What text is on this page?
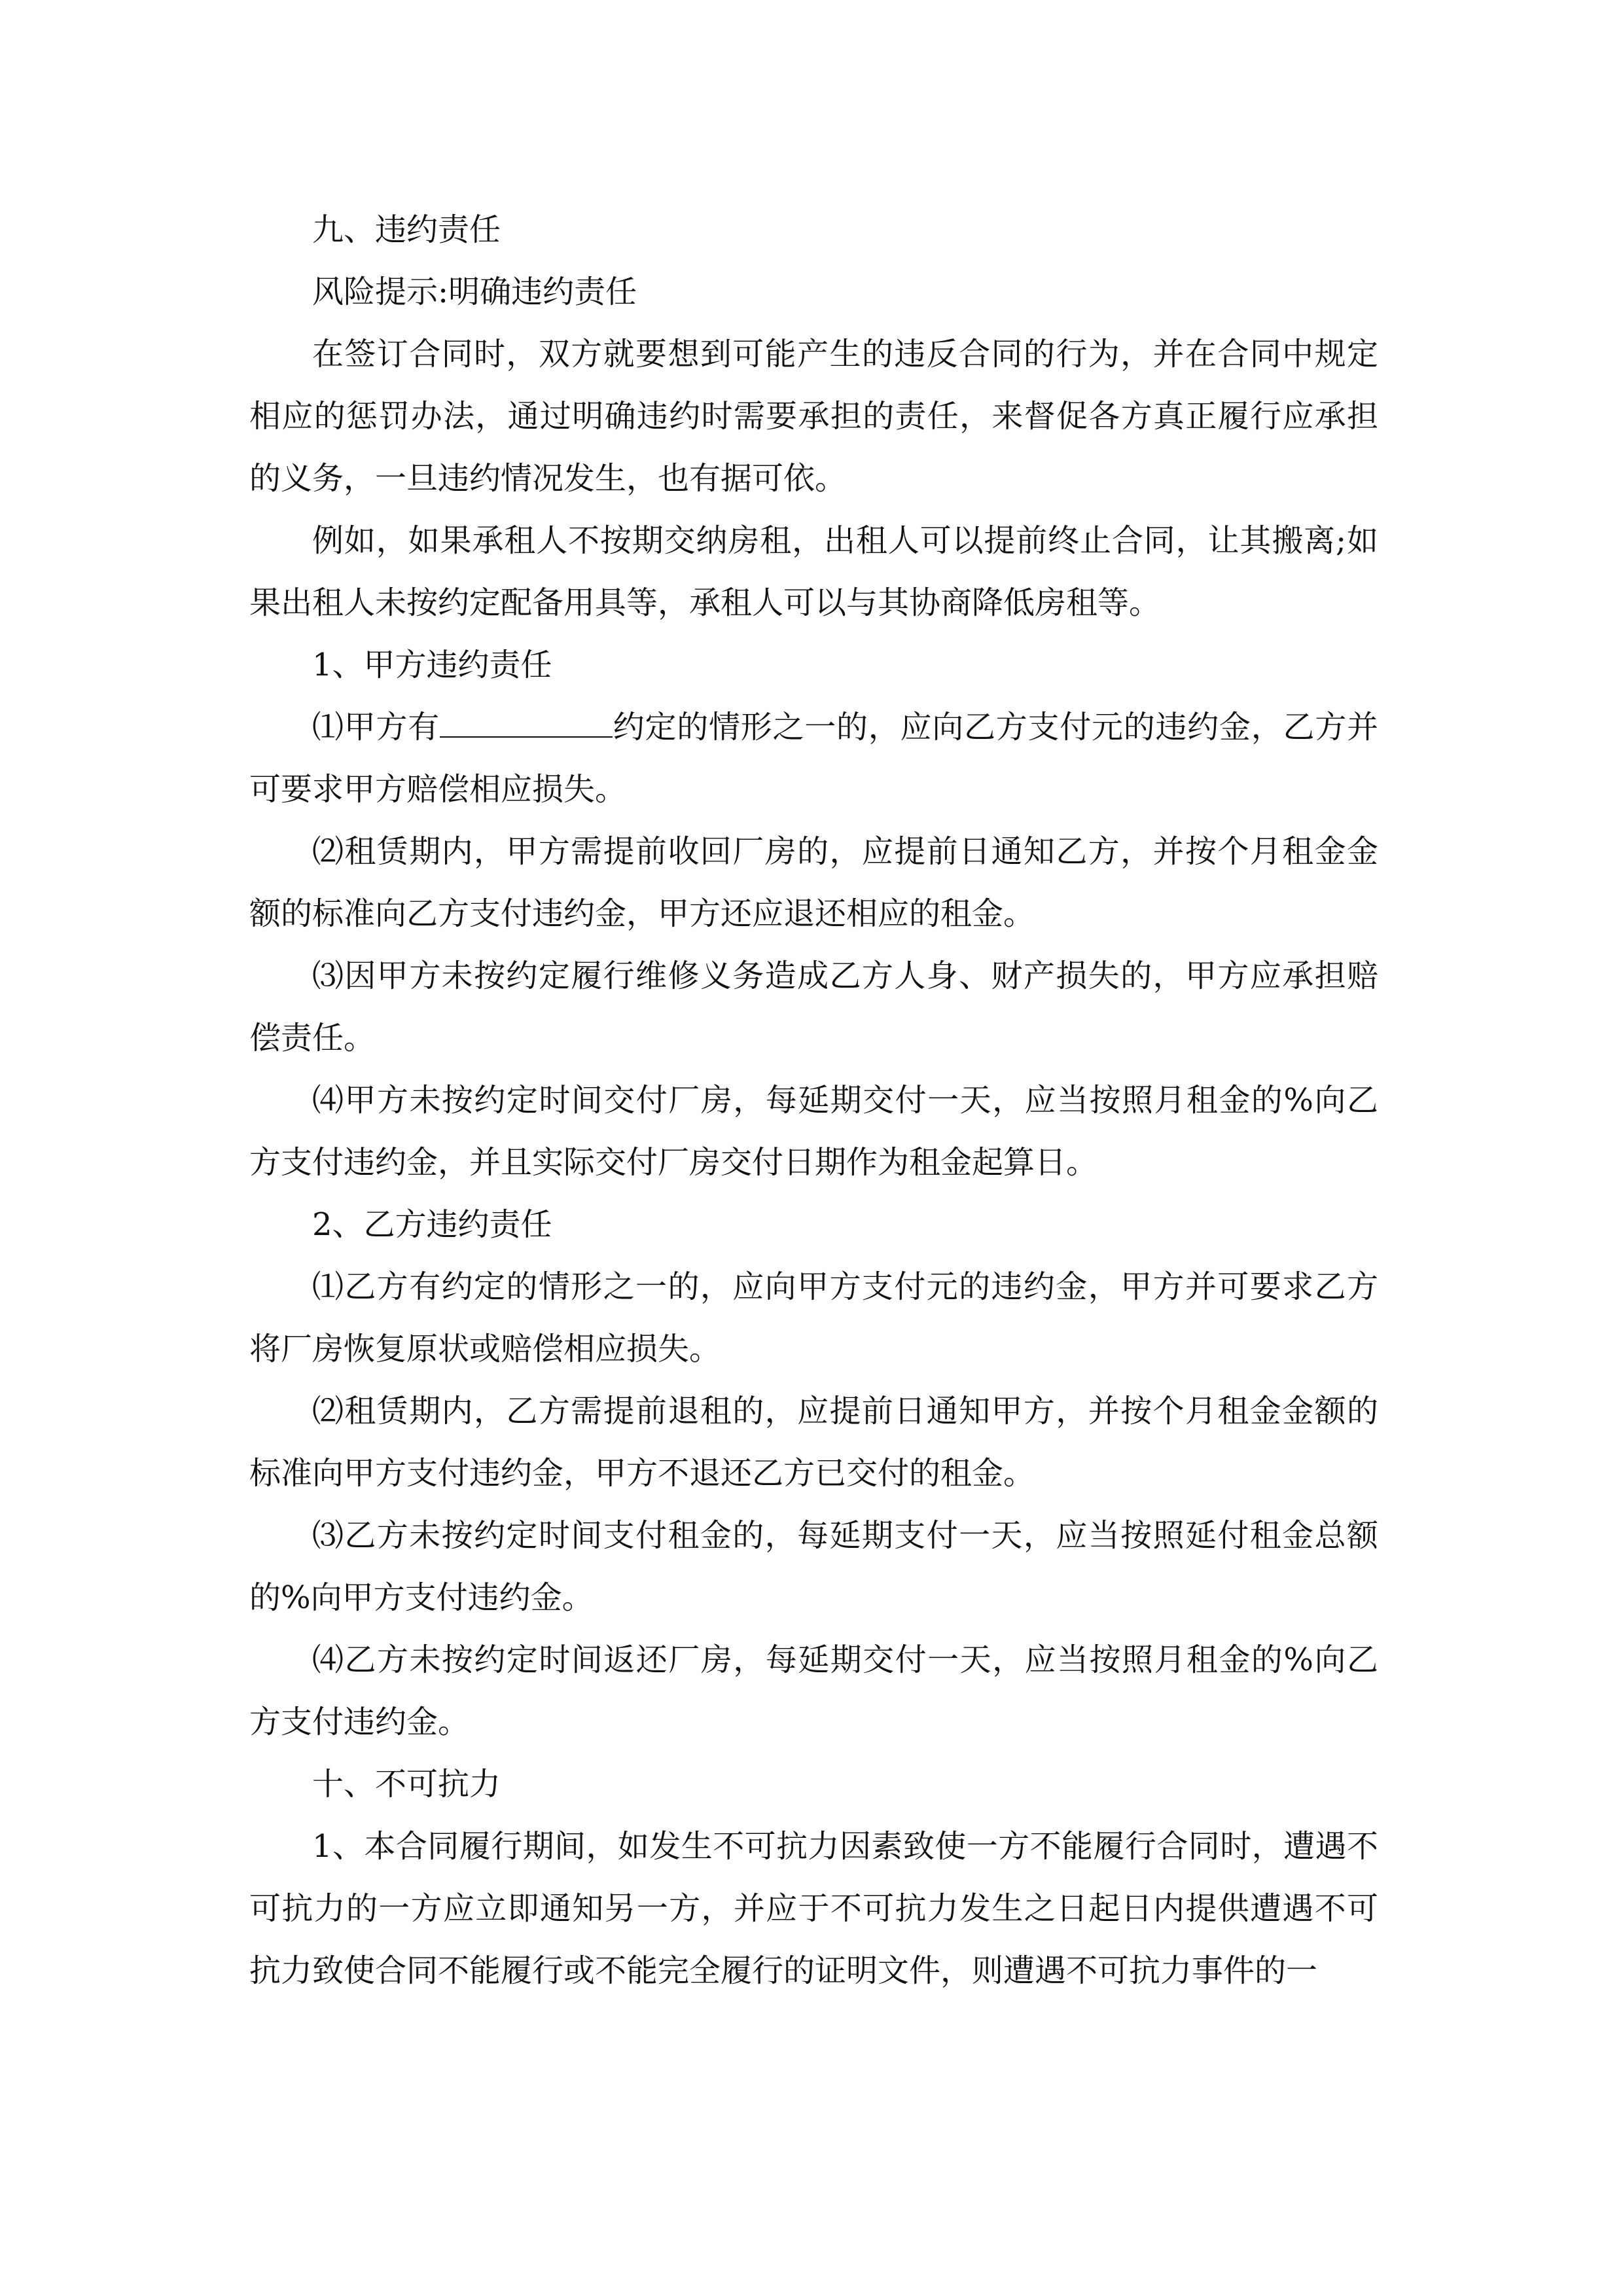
九、违约责任

风险提示:明确违约责任

在签订合同时，双方就要想到可能产生的违反合同的行为，并在合同中规定相应的惩罚办法，通过明确违约时需要承担的责任，来督促各方真正履行应承担的义务，一旦违约情况发生，也有据可依。

例如，如果承租人不按期交纳房租，出租人可以提前终止合同，让其搬离;如果出租人未按约定配备用具等，承租人可以与其协商降低房租等。

1、甲方违约责任

⑴甲方有	约定的情形之一的，应向乙方支付元的违约金，乙方并可要求甲方赔偿相应损失。

⑵租赁期内，甲方需提前收回厂房的，应提前日通知乙方，并按个月租金金额的标准向乙方支付违约金，甲方还应退还相应的租金。

⑶因甲方未按约定履行维修义务造成乙方人身、财产损失的，甲方应承担赔偿责任。

⑷甲方未按约定时间交付厂房，每延期交付一天，应当按照月租金的%向乙方支付违约金，并且实际交付厂房交付日期作为租金起算日。

2、乙方违约责任

⑴乙方有约定的情形之一的，应向甲方支付元的违约金，甲方并可要求乙方将厂房恢复原状或赔偿相应损失。

⑵租赁期内，乙方需提前退租的，应提前日通知甲方，并按个月租金金额的标准向甲方支付违约金，甲方不退还乙方已交付的租金。

⑶乙方未按约定时间支付租金的，每延期支付一天，应当按照延付租金总额的%向甲方支付违约金。

⑷乙方未按约定时间返还厂房，每延期交付一天，应当按照月租金的%向乙方支付违约金。

十、不可抗力

1、本合同履行期间，如发生不可抗力因素致使一方不能履行合同时，遭遇不可抗力的一方应立即通知另一方，并应于不可抗力发生之日起日内提供遭遇不可抗力致使合同不能履行或不能完全履行的证明文件，则遭遇不可抗力事件的一
